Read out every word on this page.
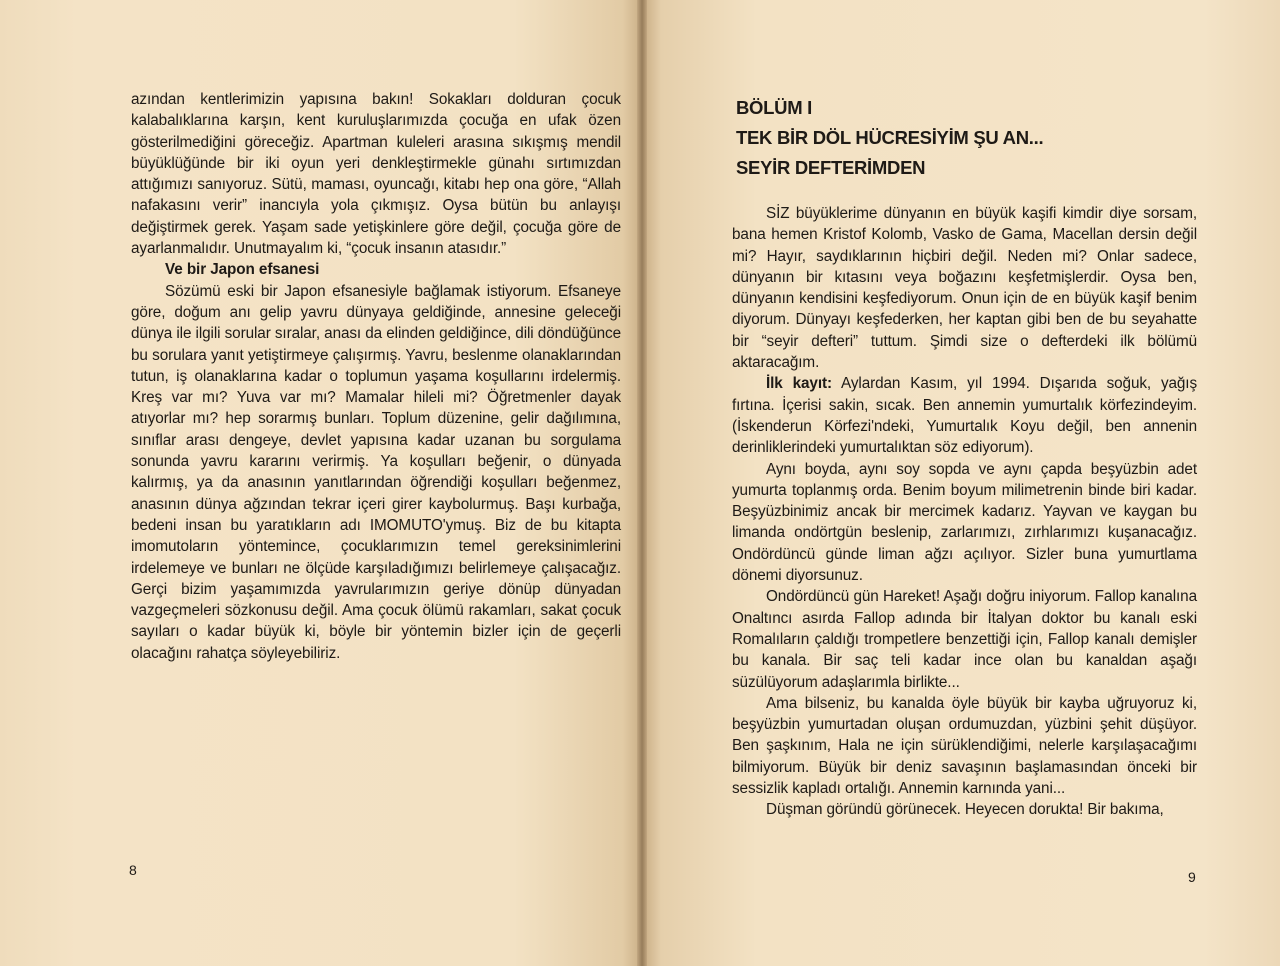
azından kentlerimizin yapısına bakın! Sokakları dolduran çocuk kalabalıklarına karşın, kent kuruluşlarımızda çocuğa en ufak özen gösterilmediğini göreceğiz. Apartman kuleleri arasına sıkışmış mendil büyüklüğünde bir iki oyun yeri denkleştirmekle günahı sırtımızdan attığımızı sanıyoruz. Sütü, maması, oyuncağı, kitabı hep ona göre, “Allah nafakasını verir” inancıyla yola çıkmışız. Oysa bütün bu anlayışı değiştirmek gerek. Yaşam sade yetişkinlere göre değil, çocuğa göre de ayarlanmalıdır. Unutmayalım ki, “çocuk insanın atasıdır.”

Ve bir Japon efsanesi

Sözümü eski bir Japon efsanesiyle bağlamak istiyorum. Efsaneye göre, doğum anı gelip yavru dünyaya geldiğinde, annesine geleceği dünya ile ilgili sorular sıralar, anası da elinden geldiğince, dili döndüğünce bu sorulara yanıt yetiştirmeye çalışırmış. Yavru, beslenme olanaklarından tutun, iş olanaklarına kadar o toplumun yaşama koşullarını irdelermiş. Kreş var mı? Yuva var mı? Mamalar hileli mi? Öğretmenler dayak atıyorlar mı? hep sorarmış bunları. Toplum düzenine, gelir dağılımına, sınıflar arası dengeye, devlet yapısına kadar uzanan bu sorgulama sonunda yavru kararını verirmiş. Ya koşulları beğenir, o dünyada kalırmış, ya da anasının yanıtlarından öğrendiği koşulları beğenmez, anasının dünya ağzından tekrar içeri girer kaybolurmuş. Başı kurbağa, bedeni insan bu yaratıkların adı IMOMUTO'ymuş. Biz de bu kitapta imomutoların yöntemince, çocuklarımızın temel gereksinimlerini irdelemeye ve bunları ne ölçüde karşıladığımızı belirlemeye çalışacağız. Gerçi bizim yaşamımızda yavrularımızın geriye dönüp dünyadan vazgeçmeleri sözkonusu değil. Ama çocuk ölümü rakamları, sakat çocuk sayıları o kadar büyük ki, böyle bir yöntemin bizler için de geçerli olacağını rahatça söyleyebiliriz.

8
BÖLÜM I
TEK BİR DÖL HÜCRESİYİM ŞU AN...
SEYİR DEFTERİMDEN

SİZ büyüklerime dünyanın en büyük kaşifi kimdir diye sorsam, bana hemen Kristof Kolomb, Vasko de Gama, Macellan dersin değil mi? Hayır, saydıklarının hiçbiri değil. Neden mi? Onlar sadece, dünyanın bir kıtasını veya boğazını keşfetmişlerdir. Oysa ben, dünyanın kendisini keşfediyorum. Onun için de en büyük kaşif benim diyorum. Dünyayı keşfederken, her kaptan gibi ben de bu seyahatte bir “seyir defteri” tuttum. Şimdi size o defterdeki ilk bölümü aktaracağım.

İlk kayıt: Aylardan Kasım, yıl 1994. Dışarıda soğuk, yağış fırtına. İçerisi sakin, sıcak. Ben annemin yumurtalık körfezindeyim. (İskenderun Körfezi'ndeki, Yumurtalık Koyu değil, ben annenin derinliklerindeki yumurtalıktan söz ediyorum).

Aynı boyda, aynı soy sopda ve aynı çapda beşyüzbin adet yumurta toplanmış orda. Benim boyum milimetrenin binde biri kadar. Beşyüzbinimiz ancak bir mercimek kadarız. Yayvan ve kaygan bu limanda ondörtgün beslenip, zarlarımızı, zırhlarımızı kuşanacağız. Ondördüncü günde liman ağzı açılıyor. Sizler buna yumurtlama dönemi diyorsunuz.

Ondördüncü gün Hareket! Aşağı doğru iniyorum. Fallop kanalına Onaltıncı asırda Fallop adında bir İtalyan doktor bu kanalı eski Romalıların çaldığı trompetlere benzettiği için, Fallop kanalı demişler bu kanala. Bir saç teli kadar ince olan bu kanaldan aşağı süzülüyorum adaşlarımla birlikte...

Ama bilseniz, bu kanalda öyle büyük bir kayba uğruyoruz ki, beşyüzbin yumurtadan oluşan ordumuzdan, yüzbini şehit düşüyor. Ben şaşkınım, Hala ne için sürüklendiğimi, nelerle karşılaşacağımı bilmiyorum. Büyük bir deniz savaşının başlamasından önceki bir sessizlik kapladı ortalığı. Annemin karnında yani...

Düşman göründü görünecek. Heyecen dorukta! Bir bakıma,

9
